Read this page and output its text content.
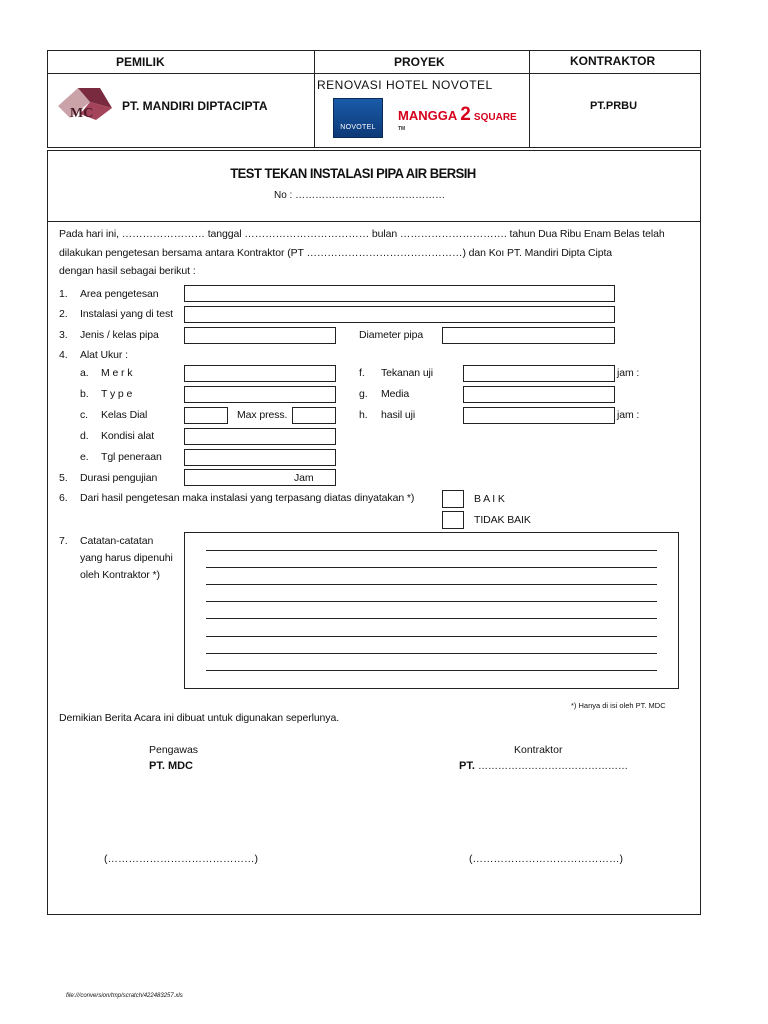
PEMILIK	PROYEK	KONTRAKTOR
MC PT. MANDIRI DIPTACIPTA
RENOVASI HOTEL NOVOTEL
NOVOTEL
MANGGA 2 SQUARE ™
PT.PRBU
TEST TEKAN INSTALASI PIPA AIR BERSIH
No : ………………………………………
Pada hari ini, …………………… tanggal ……………………………… bulan …………………………. tahun Dua Ribu Enam Belas telah
dilakukan pengetesan bersama antara Kontraktor (PT ………………………………………) dan Koı PT. Mandiri Dipta Cipta
dengan hasil sebagai berikut :
1. Area pengetesan
2. Instalasi yang di test
3. Jenis / kelas pipa	Diameter pipa
4. Alat Ukur :
a. M e r k	f. Tekanan uji	jam :
b. T y p e	g. Media
c. Kelas Dial	Max press.	h. hasil uji	jam :
d. Kondisi alat
e. Tgl peneraan
5. Durasi pengujian	Jam
6. Dari hasil pengetesan maka instalasi yang terpasang diatas dinyatakan *)	B A I K
TIDAK BAIK
7. Catatan-catatan
yang harus dipenuhi
oleh Kontraktor *)
*) Hanya di isi oleh PT. MDC
Demikian Berita Acara ini dibuat untuk digunakan seperlunya.
Pengawas
PT. MDC
(……………………………………)
Kontraktor
PT. ………………………………………
(……………………………………)
file:///conversion/tmp/scratch/422483257.xls
